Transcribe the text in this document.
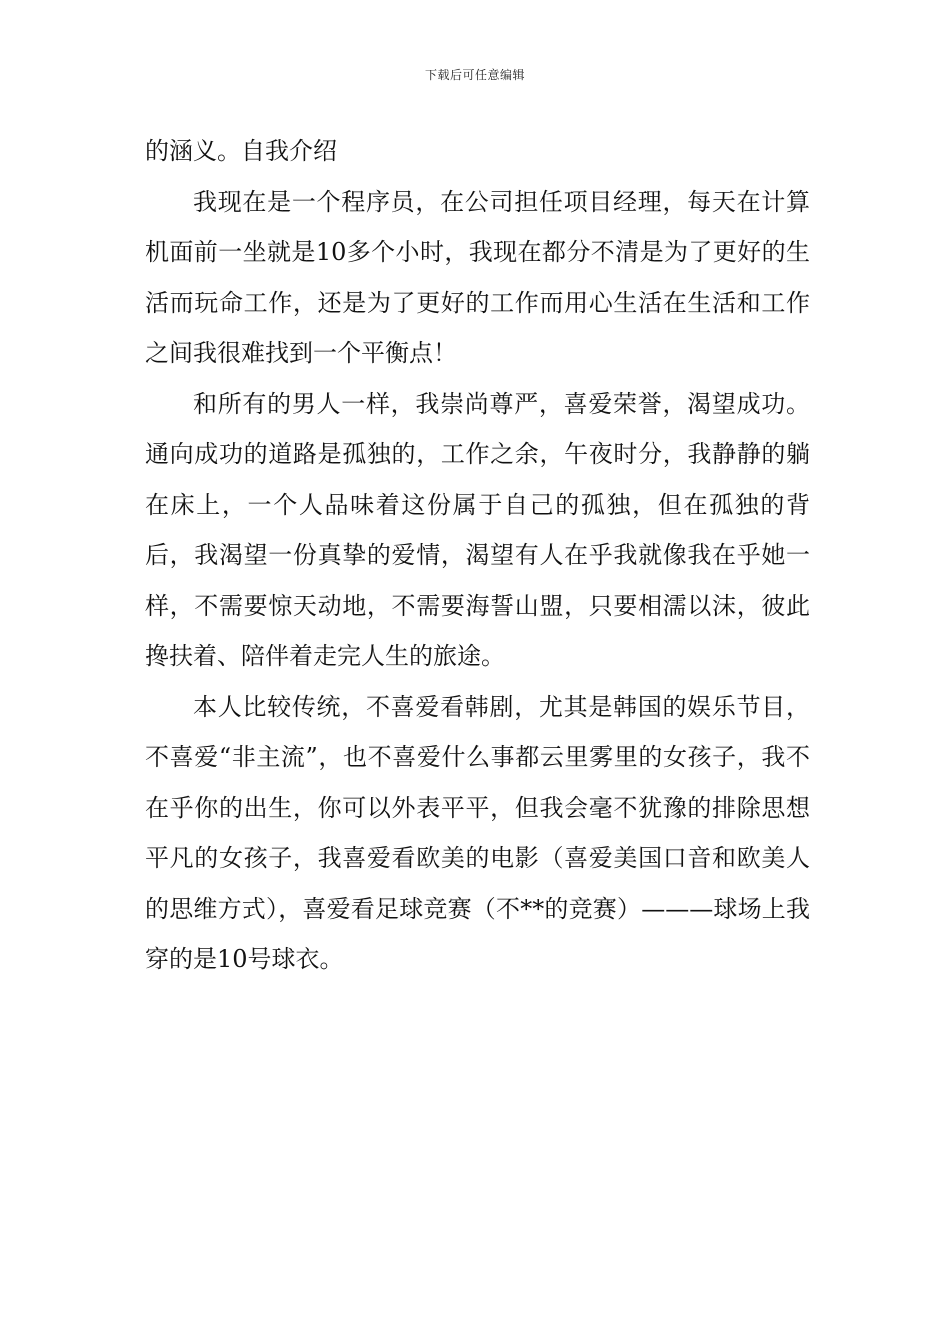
下载后可任意编辑

的涵义。自我介绍

我现在是一个程序员，在公司担任项目经理，每天在计算机面前一坐就是10多个小时，我现在都分不清是为了更好的生活而玩命工作，还是为了更好的工作而用心生活在生活和工作之间我很难找到一个平衡点！

和所有的男人一样，我崇尚尊严，喜爱荣誉，渴望成功。通向成功的道路是孤独的，工作之余，午夜时分，我静静的躺在床上，一个人品味着这份属于自己的孤独，但在孤独的背后，我渴望一份真挚的爱情，渴望有人在乎我就像我在乎她一样，不需要惊天动地，不需要海誓山盟，只要相濡以沫，彼此搀扶着、陪伴着走完人生的旅途。

本人比较传统，不喜爱看韩剧，尤其是韩国的娱乐节目，不喜爱“非主流”，也不喜爱什么事都云里雾里的女孩子，我不在乎你的出生，你可以外表平平，但我会毫不犹豫的排除思想平凡的女孩子，我喜爱看欧美的电影（喜爱美国口音和欧美人的思维方式），喜爱看足球竞赛（不**的竞赛）———球场上我穿的是10号球衣。
